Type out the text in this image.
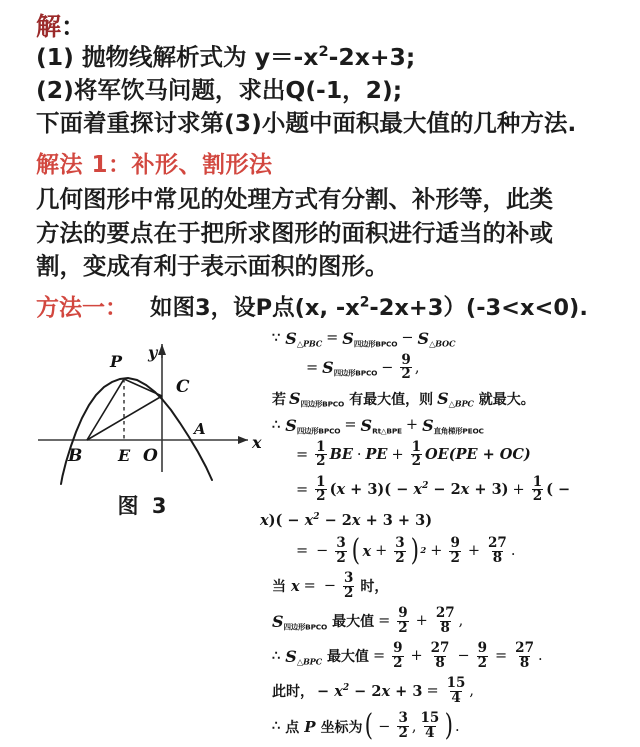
解：
(1) 抛物线解析式为 $y=-x^2-2x+3$;
(2)将军饮马问题，求出Q(-1，2);
下面着重探讨求第(3)小题中面积最大值的几种方法.
解法 1：补形、割形法
几何图形中常见的处理方式有分割、补形等，此类
方法的要点在于把所求图形的面积进行适当的补或
割，变成有利于表示面积的图形。
方法一： 如图3，设P点(x, $-x^2-2x+3)(-3<x<0)$.
P
C
B E O
A
x
y
图 3
∵ S △PBC = S 四边形BPCO − S △BOC
= S 四边形BPCO − $\frac{9}{2}$ ,
若 S 四边形BPCO 有最大值，则 S △BPC 就最大。
∴ S 四边形BPCO = S Rt△BPE + S 直角梯形PEOC
= $\frac{1}{2}$ BE · PE + $\frac{1}{2}$ OE (PE + OC)
= $\frac{1}{2} (x + 3)$ ( − $x^2 - 2x + 3) + \frac{1}{2}$ ( −
$x)( - x^2 - 2x + 3 + 3)$
= − $\frac{3}{2}$ ( $x + \frac{3}{2}$ ) $2 + \frac{9}{2} + \frac{27}{8}$ .
当 x = − $\frac{3}{2}$ 时，
S 四边形BPCO 最大值 = $\frac{9}{2} + \frac{27}{8}$ ,
∴ S △BPC 最大值 = $\frac{9}{2} + \frac{27}{8} - \frac{9}{2} = \frac{27}{8}$ .
此时， − $x^2 - 2x + 3 = \frac{15}{4}$ ,
∴ 点 P 坐标为 ( − $\frac{3}{2}$ , $\frac{15}{4}$ ) .
